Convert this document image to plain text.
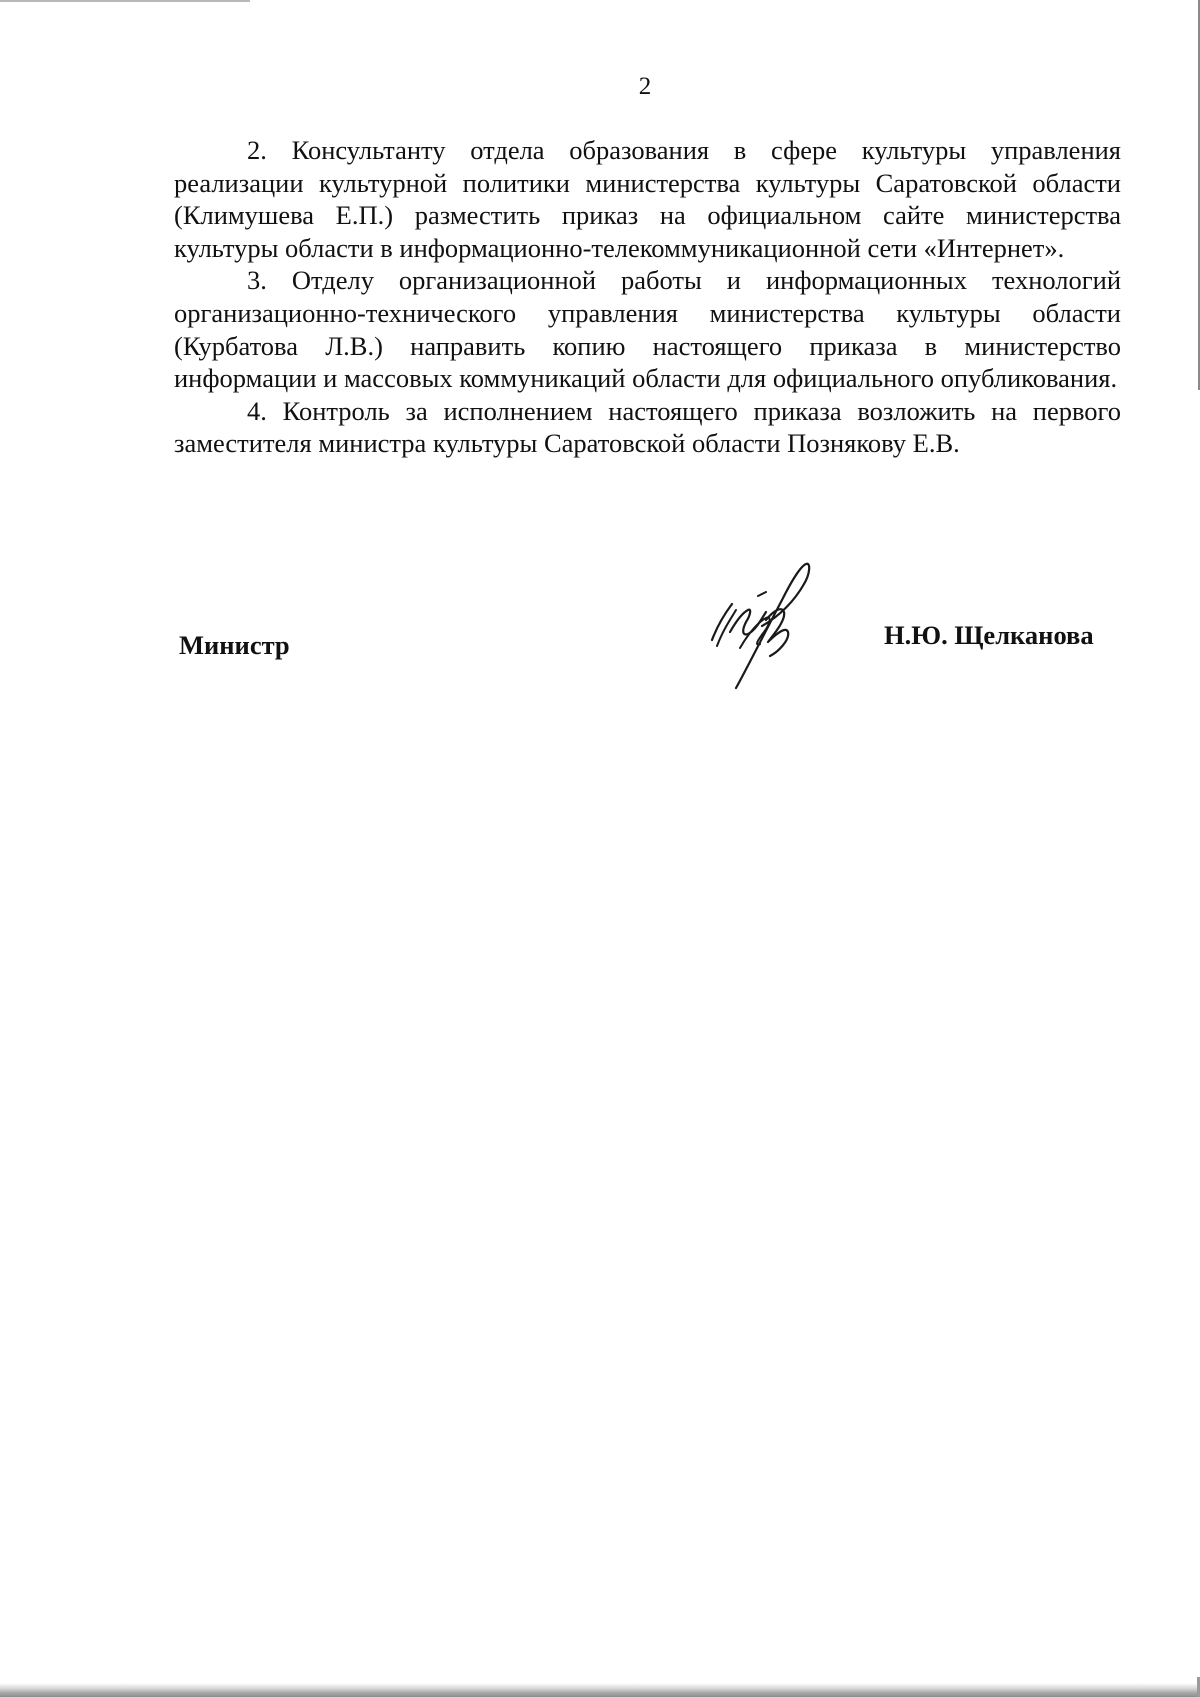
2

2. Консультанту отдела образования в сфере культуры управления реализации культурной политики министерства культуры Саратовской области (Климушева Е.П.) разместить приказ на официальном сайте министерства культуры области в информационно-телекоммуникационной сети «Интернет».

3. Отделу организационной работы и информационных технологий организационно-технического управления министерства культуры области (Курбатова Л.В.) направить копию настоящего приказа в министерство информации и массовых коммуникаций области для официального опубликования.

4. Контроль за исполнением настоящего приказа возложить на первого заместителя министра культуры Саратовской области Познякову Е.В.

Министр	Н.Ю. Щелканова
